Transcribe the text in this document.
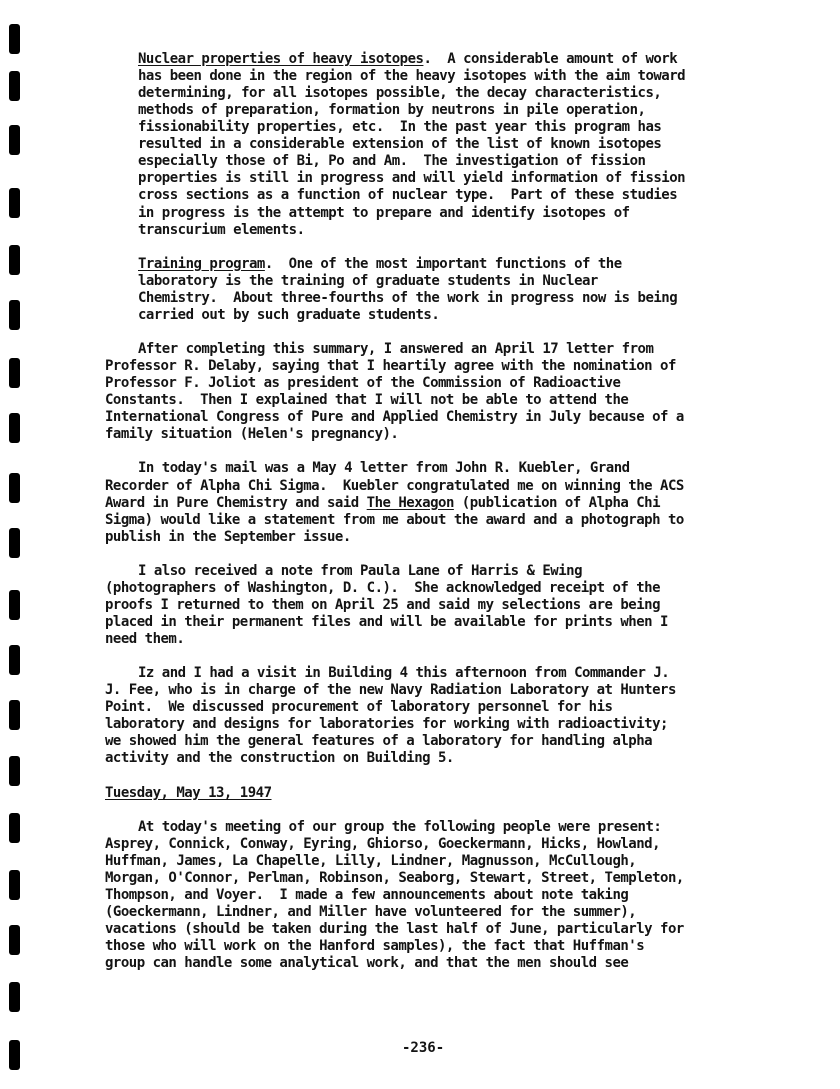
Nuclear properties of heavy isotopes.  A considerable amount of work
has been done in the region of the heavy isotopes with the aim toward
determining, for all isotopes possible, the decay characteristics,
methods of preparation, formation by neutrons in pile operation,
fissionability properties, etc.  In the past year this program has
resulted in a considerable extension of the list of known isotopes
especially those of Bi, Po and Am.  The investigation of fission
properties is still in progress and will yield information of fission
cross sections as a function of nuclear type.  Part of these studies
in progress is the attempt to prepare and identify isotopes of
transcurium elements.
Training program.  One of the most important functions of the
laboratory is the training of graduate students in Nuclear
Chemistry.  About three-fourths of the work in progress now is being
carried out by such graduate students.
After completing this summary, I answered an April 17 letter from
Professor R. Delaby, saying that I heartily agree with the nomination of
Professor F. Joliot as president of the Commission of Radioactive
Constants.  Then I explained that I will not be able to attend the
International Congress of Pure and Applied Chemistry in July because of a
family situation (Helen's pregnancy).
In today's mail was a May 4 letter from John R. Kuebler, Grand
Recorder of Alpha Chi Sigma.  Kuebler congratulated me on winning the ACS
Award in Pure Chemistry and said The Hexagon (publication of Alpha Chi
Sigma) would like a statement from me about the award and a photograph to
publish in the September issue.
I also received a note from Paula Lane of Harris & Ewing
(photographers of Washington, D. C.).  She acknowledged receipt of the
proofs I returned to them on April 25 and said my selections are being
placed in their permanent files and will be available for prints when I
need them.
Iz and I had a visit in Building 4 this afternoon from Commander J.
J. Fee, who is in charge of the new Navy Radiation Laboratory at Hunters
Point.  We discussed procurement of laboratory personnel for his
laboratory and designs for laboratories for working with radioactivity;
we showed him the general features of a laboratory for handling alpha
activity and the construction on Building 5.
Tuesday, May 13, 1947
At today's meeting of our group the following people were present:
Asprey, Connick, Conway, Eyring, Ghiorso, Goeckermann, Hicks, Howland,
Huffman, James, La Chapelle, Lilly, Lindner, Magnusson, McCullough,
Morgan, O'Connor, Perlman, Robinson, Seaborg, Stewart, Street, Templeton,
Thompson, and Voyer.  I made a few announcements about note taking
(Goeckermann, Lindner, and Miller have volunteered for the summer),
vacations (should be taken during the last half of June, particularly for
those who will work on the Hanford samples), the fact that Huffman's
group can handle some analytical work, and that the men should see
-236-
